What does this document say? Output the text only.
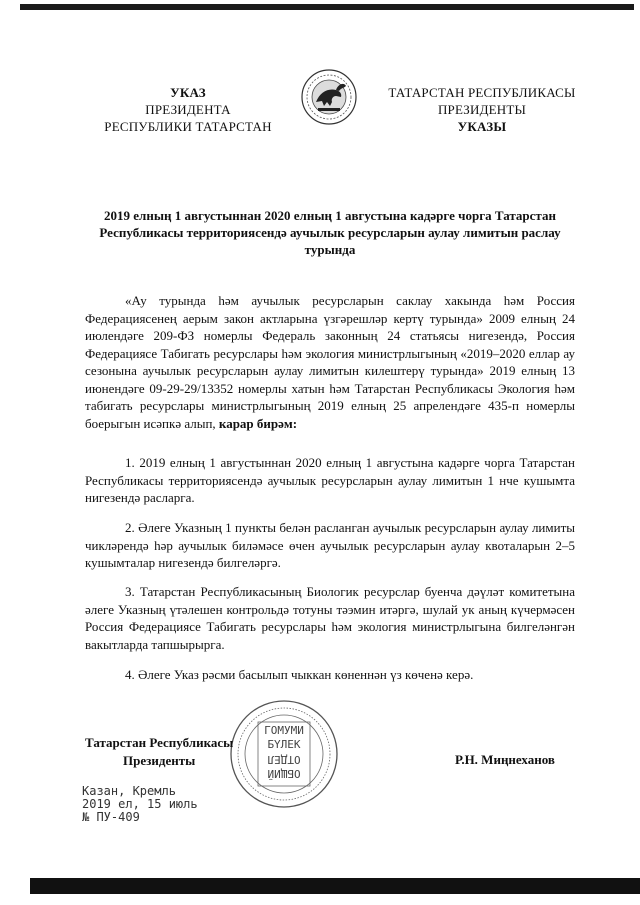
УКАЗ
ПРЕЗИДЕНТА
РЕСПУБЛИКИ ТАТАРСТАН
ТАТАРСТАН РЕСПУБЛИКАСЫ
ПРЕЗИДЕНТЫ
УКАЗЫ
2019 елның 1 августыннан 2020 елның 1 августына кадәрге чорга Татарстан Республикасы территориясендә аучылык ресурсларын аулау лимитын раслау турында
«Ау турында һәм аучылык ресурсларын саклау хакында һәм Россия Федерациясенең аерым закон актларына үзгәрешләр кертү турында» 2009 елның 24 июлендәге 209-ФЗ номерлы Федераль законның 24 статьясы нигезендә, Россия Федерациясе Табигать ресурслары һәм экология министрлыгының «2019–2020 еллар ау сезонына аучылык ресурсларын аулау лимитын килештерү турында» 2019 елның 13 июнендәге 09-29-29/13352 номерлы хатын һәм Татарстан Республикасы Экология һәм табигать ресурслары министрлыгының 2019 елның 25 апрелендәге 435-п номерлы боерыгын исәпкә алып, карар бирәм:
1. 2019 елның 1 августыннан 2020 елның 1 августына кадәрге чорга Татарстан Республикасы территориясендә аучылык ресурсларын аулау лимитын 1 нче кушымта нигезендә расларга.
2. Әлеге Указның 1 пункты белән расланган аучылык ресурсларын аулау лимиты чикләрендә һәр аучылык биләмәсе өчен аучылык ресурсларын аулау квоталарын 2–5 кушымталар нигезендә билгеләргә.
3. Татарстан Республикасының Биологик ресурслар буенча дәүләт комитетына әлеге Указның үтәлешен контрольдә тотуны тәэмин итәргә, шулай ук аның күчермәсен Россия Федерациясе Табигать ресурслары һәм экология министрлыгына билгеләнгән вакытларда тапшырырга.
4. Әлеге Указ рәсми басылып чыккан көненнән үз көченә керә.
ГОМУМИ
БҮЛЕК
ОТДЕЛ
ОБЩИЙ
Татарстан Республикасы
Президенты	Р.Н. Миңнеханов
Казан, Кремль
2019 ел, 15 июль
№ ПУ-409
